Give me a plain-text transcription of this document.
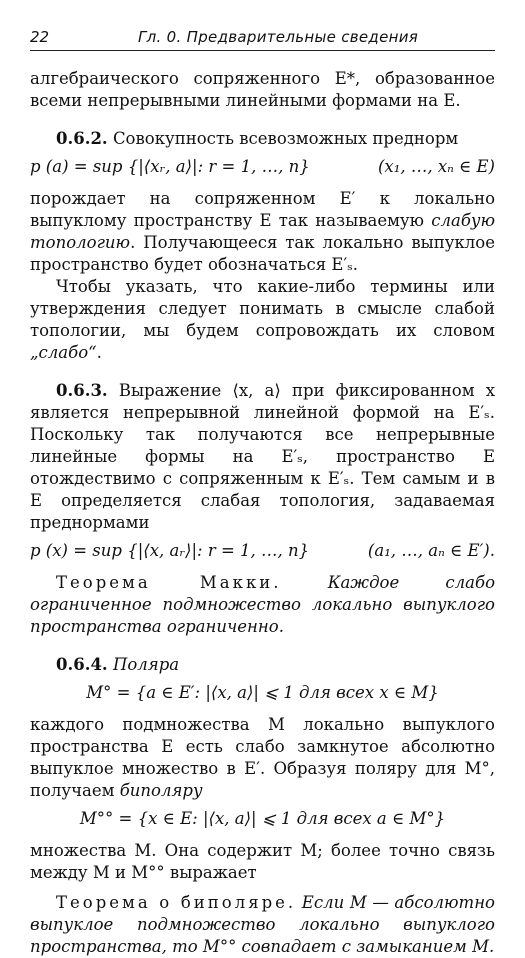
22	Гл. 0. Предварительные сведения

алгебраического сопряженного E*, образованное всеми непрерывными линейными формами на E.

0.6.2. Совокупность всевозможных преднорм

p (a) = sup {|⟨xᵣ, a⟩|: r = 1, …, n}	(x₁, …, xₙ ∈ E)

порождает на сопряженном E′ к локально выпуклому пространству E так называемую слабую топологию. Получающееся так локально выпуклое пространство будет обозначаться E′ₛ.

Чтобы указать, что какие-либо термины или утверждения следует понимать в смысле слабой топологии, мы будем сопровождать их словом „слабо“.

0.6.3. Выражение ⟨x, a⟩ при фиксированном x является непрерывной линейной формой на E′ₛ. Поскольку так получаются все непрерывные линейные формы на E′ₛ, пространство E отождествимо с сопряженным к E′ₛ. Тем самым и в E определяется слабая топология, задаваемая преднормами

p (x) = sup {|⟨x, aᵣ⟩|: r = 1, …, n}	(a₁, …, aₙ ∈ E′).

Теорема Макки.	Каждое слабо ограниченное подмножество локально выпуклого пространства ограниченно.

0.6.4. Поляра

M° = {a ∈ E′: |⟨x, a⟩| ⩽ 1 для всех x ∈ M}

каждого подмножества M локально выпуклого пространства E есть слабо замкнутое абсолютно выпуклое множество в E′. Образуя поляру для M°, получаем биполяру

M°° = {x ∈ E: |⟨x, a⟩| ⩽ 1 для всех a ∈ M°}

множества M. Она содержит M; более точно связь между M и M°° выражает

Теорема о биполяре. Если M — абсолютно выпуклое подмножество локально выпуклого пространства, то M°° совпадает с замыканием M.
